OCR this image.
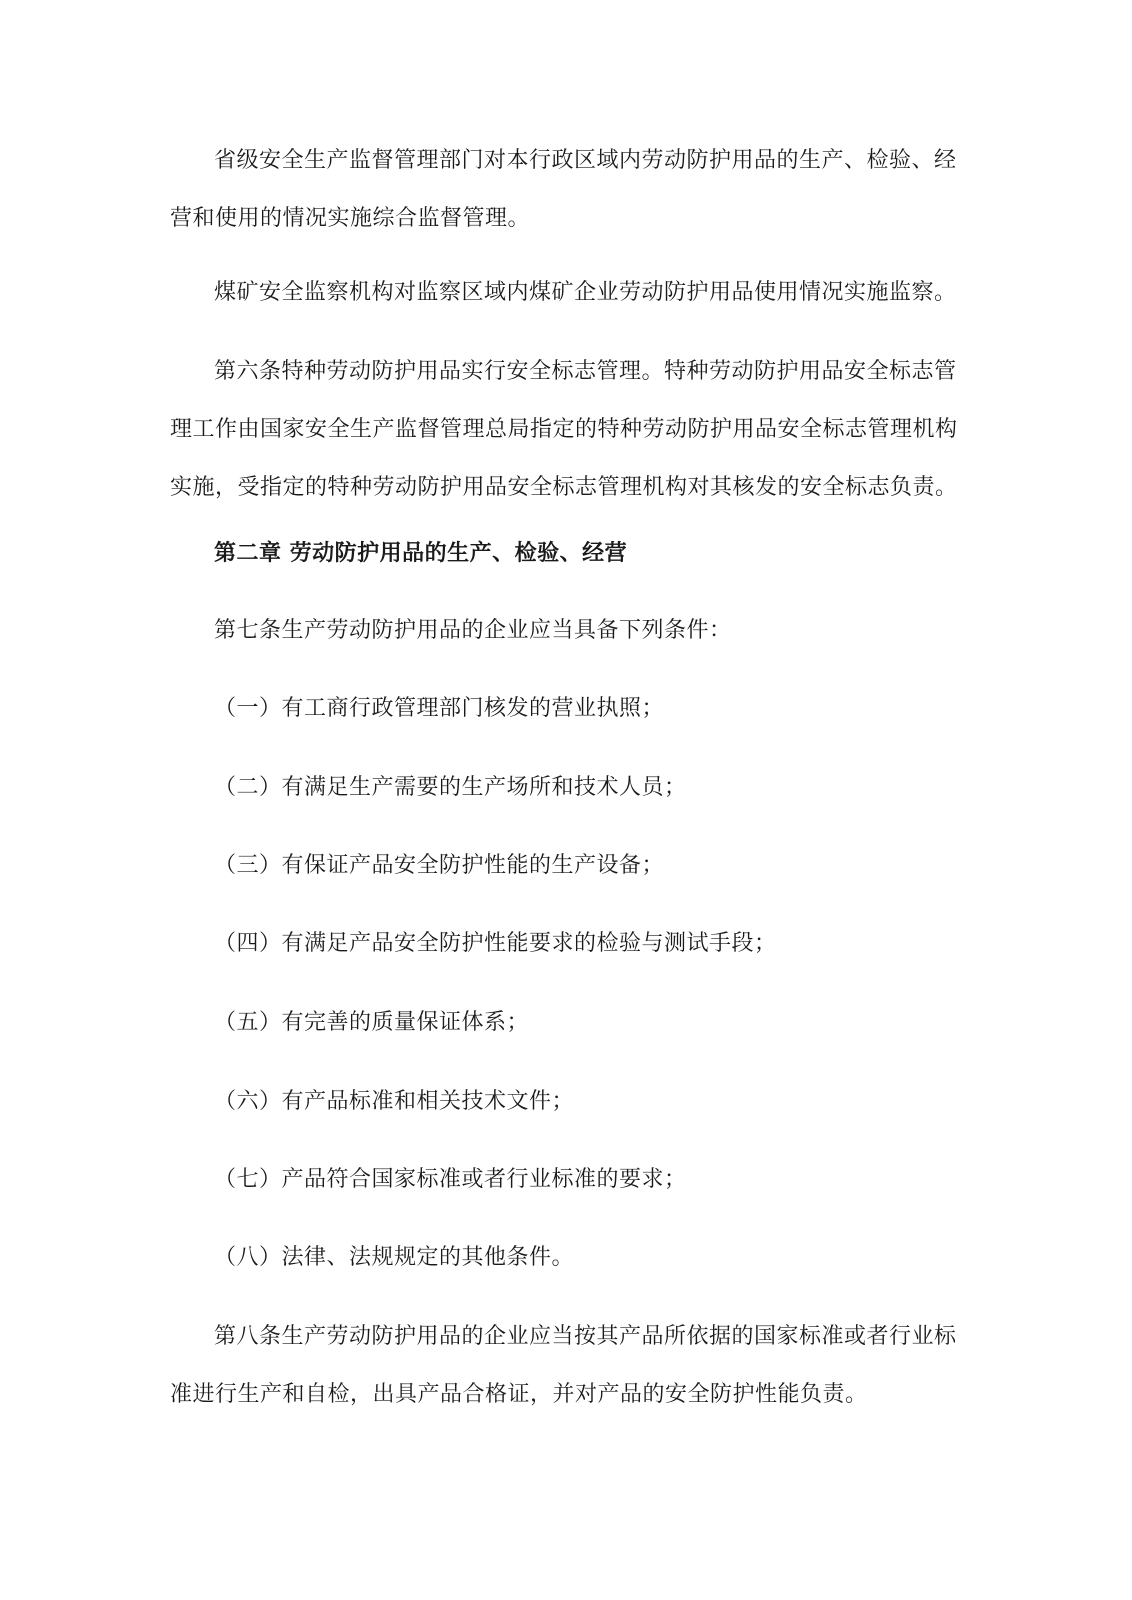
省级安全生产监督管理部门对本行政区域内劳动防护用品的生产、检验、经营和使用的情况实施综合监督管理。

煤矿安全监察机构对监察区域内煤矿企业劳动防护用品使用情况实施监察。

第六条特种劳动防护用品实行安全标志管理。特种劳动防护用品安全标志管理工作由国家安全生产监督管理总局指定的特种劳动防护用品安全标志管理机构实施，受指定的特种劳动防护用品安全标志管理机构对其核发的安全标志负责。

第二章 劳动防护用品的生产、检验、经营

第七条生产劳动防护用品的企业应当具备下列条件：

（一）有工商行政管理部门核发的营业执照；

（二）有满足生产需要的生产场所和技术人员；

（三）有保证产品安全防护性能的生产设备；

（四）有满足产品安全防护性能要求的检验与测试手段；

（五）有完善的质量保证体系；

（六）有产品标准和相关技术文件；

（七）产品符合国家标准或者行业标准的要求；

（八）法律、法规规定的其他条件。

第八条生产劳动防护用品的企业应当按其产品所依据的国家标准或者行业标准进行生产和自检，出具产品合格证，并对产品的安全防护性能负责。
